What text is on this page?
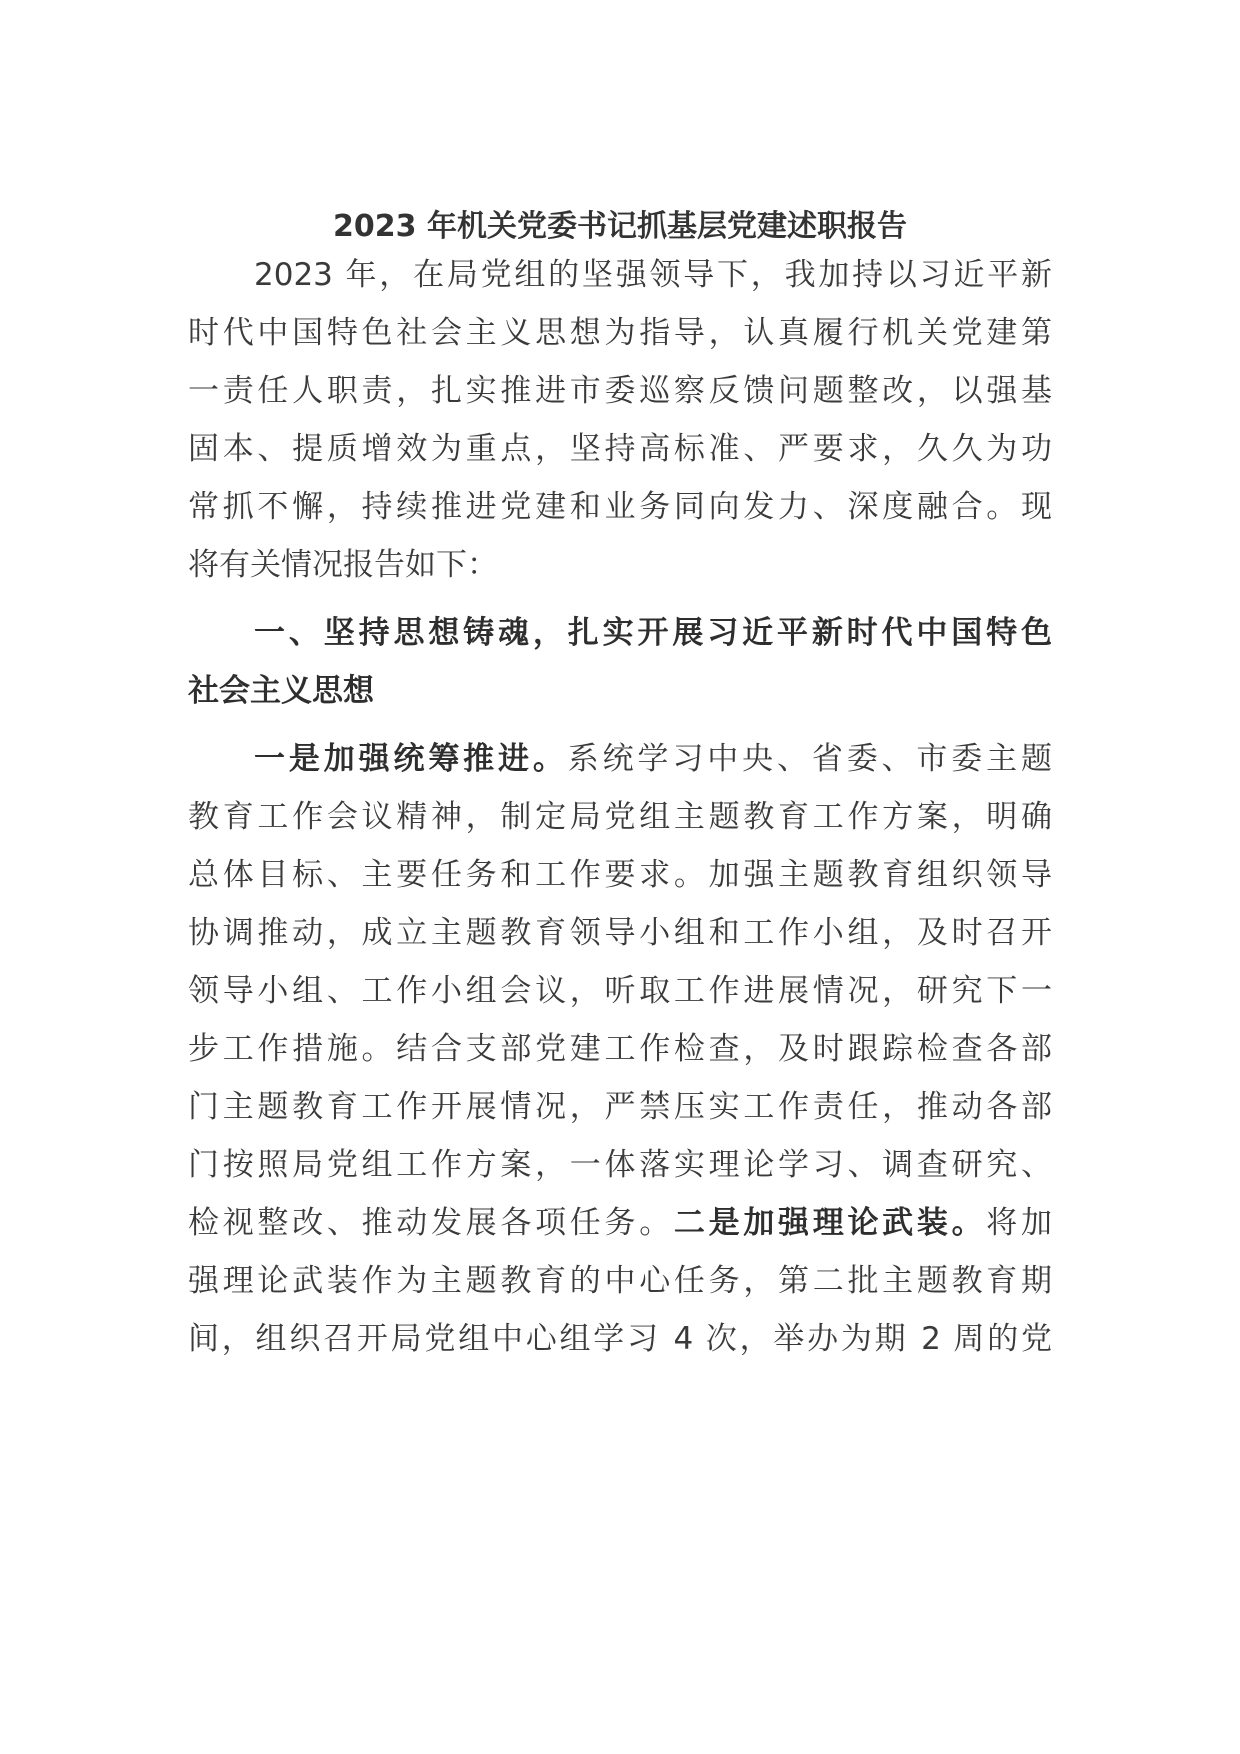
2023 年机关党委书记抓基层党建述职报告
2023 年，在局党组的坚强领导下，我加持以习近平新
时代中国特色社会主义思想为指导，认真履行机关党建第
一责任人职责，扎实推进市委巡察反馈问题整改，以强基
固本、提质增效为重点，坚持高标准、严要求，久久为功
常抓不懈，持续推进党建和业务同向发力、深度融合。现
将有关情况报告如下：
一、坚持思想铸魂，扎实开展习近平新时代中国特色
社会主义思想
一是加强统筹推进。系统学习中央、省委、市委主题
教育工作会议精神，制定局党组主题教育工作方案，明确
总体目标、主要任务和工作要求。加强主题教育组织领导
协调推动，成立主题教育领导小组和工作小组，及时召开
领导小组、工作小组会议，听取工作进展情况，研究下一
步工作措施。结合支部党建工作检查，及时跟踪检查各部
门主题教育工作开展情况，严禁压实工作责任，推动各部
门按照局党组工作方案，一体落实理论学习、调查研究、
检视整改、推动发展各项任务。二是加强理论武装。将加
强理论武装作为主题教育的中心任务，第二批主题教育期
间，组织召开局党组中心组学习 4 次，举办为期 2 周的党
